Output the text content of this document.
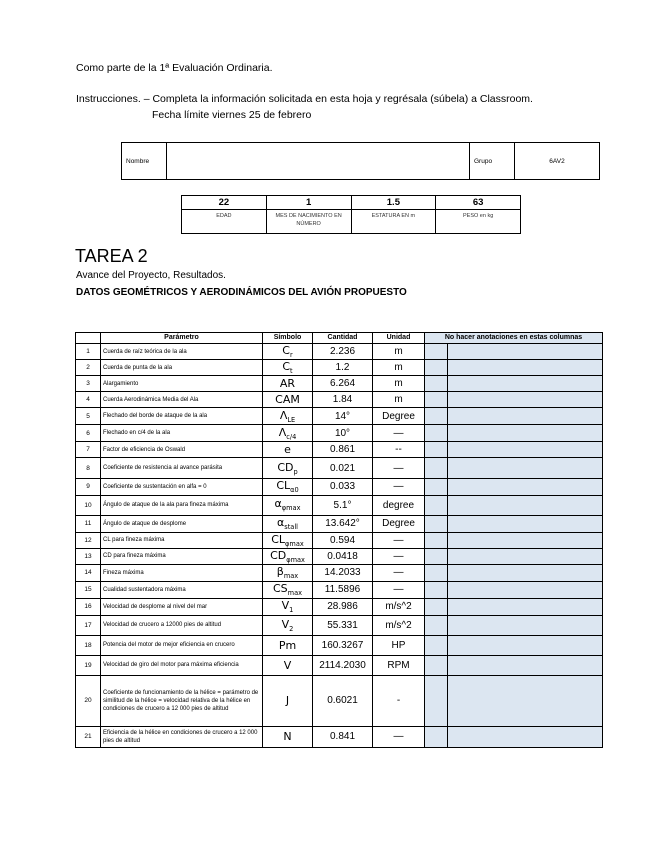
Como parte de la 1ª Evaluación Ordinaria.
Instrucciones. – Completa la información solicitada en esta hoja y regrésala (súbela) a Classroom.
Fecha límite viernes 25 de febrero
Nombre		Grupo	6AV2
22	1	1.5	63
EDAD	MES DE NACIMIENTO EN NÚMERO	ESTATURA EN m	PESO en kg
TAREA 2
Avance del Proyecto, Resultados.
DATOS GEOMÉTRICOS Y AERODINÁMICOS DEL AVIÓN PROPUESTO
	Parámetro	Símbolo	Cantidad	Unidad	No hacer anotaciones en estas columnas	
1	Cuerda de raíz teórica de la ala	$C_r$	2.236	m		
2	Cuerda de punta de la ala	$C_t$	1.2	m		
3	Alargamiento	AR	6.264	m		
4	Cuerda Aerodinámica Media del Ala	CAM	1.84	m		
5	Flechado del borde de ataque de la ala	$\Lambda_{LE}$	14°	Degree		
6	Flechado en c/4 de la ala	$\Lambda_{c/4}$	10°	—		
7	Factor de eficiencia de Oswald	e	0.861	--		
8	Coeficiente de resistencia al avance parásita	$CD_p$	0.021	—		
9	Coeficiente de sustentación en alfa = 0	$CL_{\alpha 0}$	0.033	—		
10	Ángulo de ataque de la ala para fineza máxima	$\alpha_{\varphi max}$	5.1°	degree		
11	Ángulo de ataque de desplome	$\alpha_{stall}$	13.642°	Degree		
12	CL para fineza máxima	$CL_{\varphi max}$	0.594	—		
13	CD para fineza máxima	$CD_{\varphi max}$	0.0418	—		
14	Fineza máxima	$\beta_{max}$	14.2033	—		
15	Cualidad sustentadora máxima	$CS_{max}$	11.5896	—		
16	Velocidad de desplome al nivel del mar	$V_1$	28.986	m/s^2		
17	Velocidad de crucero a 12000 pies de altitud	$V_2$	55.331	m/s^2		
18	Potencia del motor de mejor eficiencia en crucero	Pm	160.3267	HP		
19	Velocidad de giro del motor para máxima eficiencia	V	2114.2030	RPM		
20	Coeficiente de funcionamiento de la hélice = parámetro de similitud de la hélice = velocidad relativa de la hélice en condiciones de crucero a 12 000 pies de altitud	J	0.6021	-		
21	Eficiencia de la hélice en condiciones de crucero a 12 000 pies de altitud	N	0.841	—		
